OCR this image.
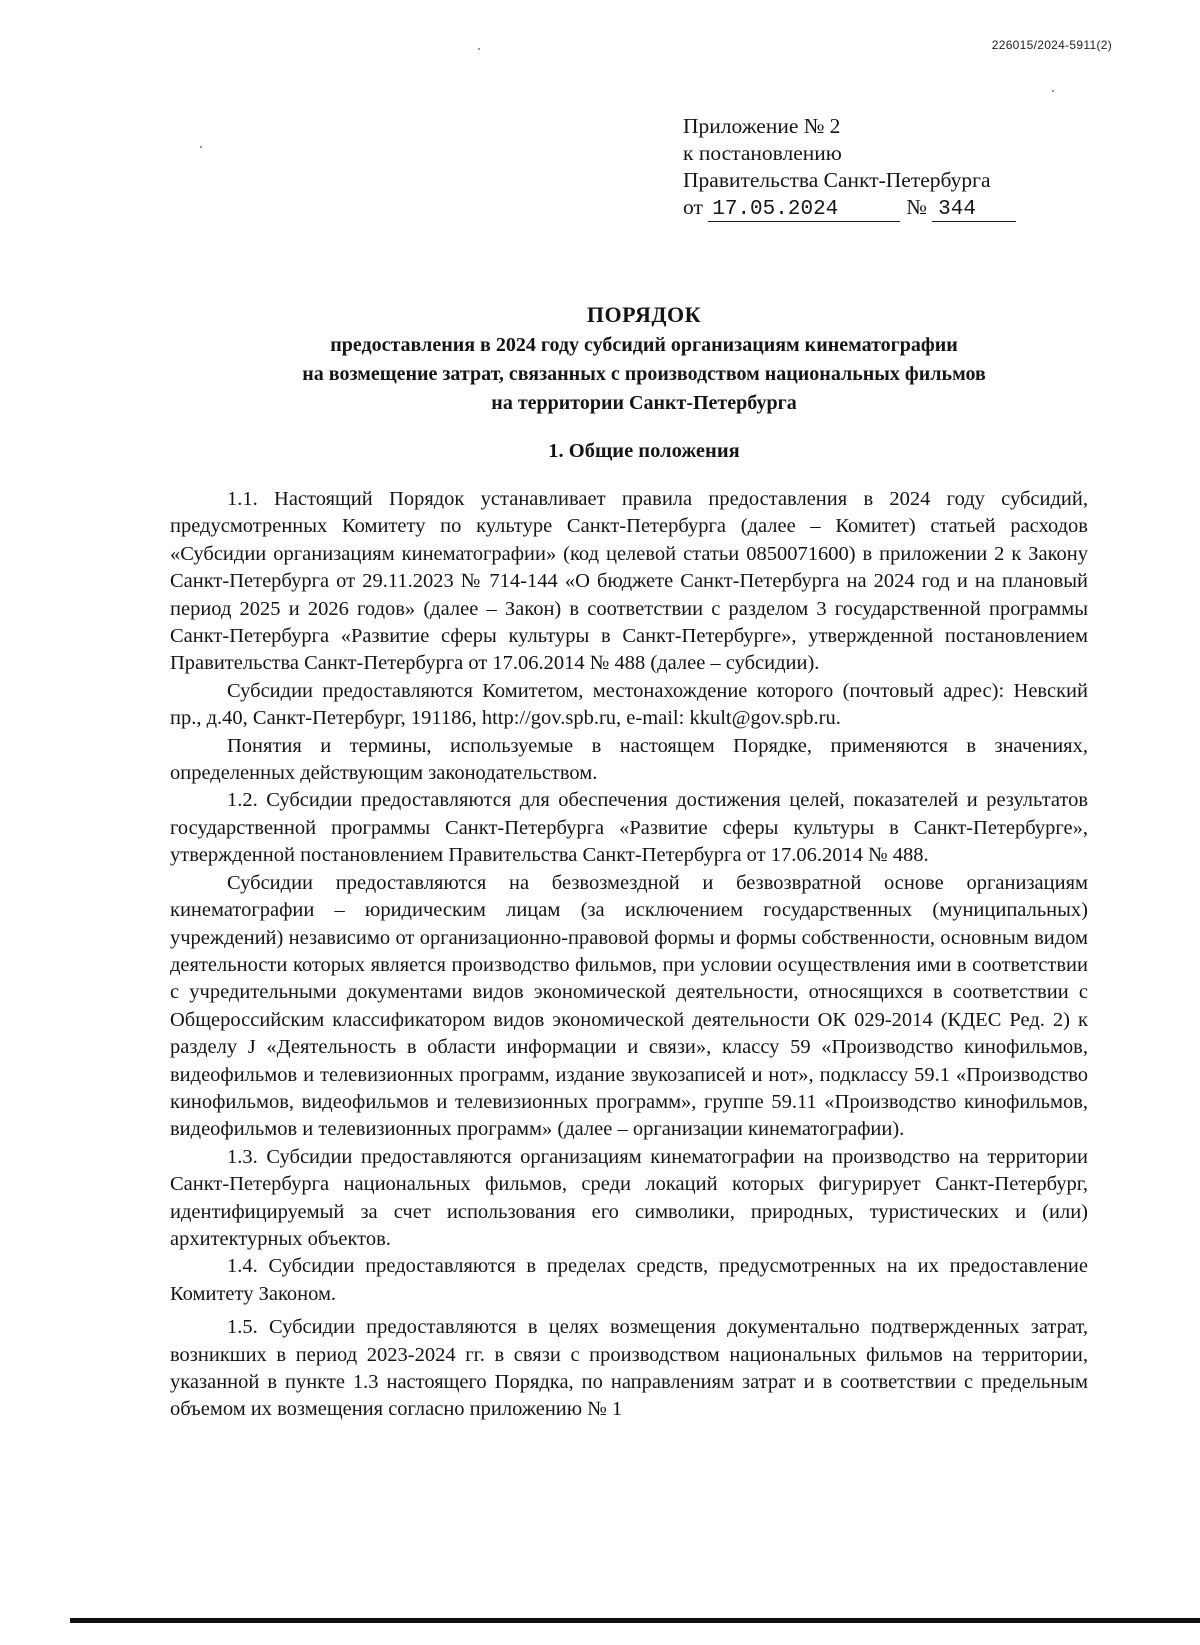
226015/2024-5911(2)
Приложение № 2
к постановлению
Правительства Санкт-Петербурга
от 17.05.2024	№ 344
ПОРЯДОК
предоставления в 2024 году субсидий организациям кинематографии
на возмещение затрат, связанных с производством национальных фильмов
на территории Санкт-Петербурга
1. Общие положения

1.1. Настоящий Порядок устанавливает правила предоставления в 2024 году субсидий, предусмотренных Комитету по культуре Санкт-Петербурга (далее – Комитет) статьей расходов «Субсидии организациям кинематографии» (код целевой статьи 0850071600) в приложении 2 к Закону Санкт-Петербурга от 29.11.2023 № 714-144 «О бюджете Санкт-Петербурга на 2024 год и на плановый период 2025 и 2026 годов» (далее – Закон) в соответствии с разделом 3 государственной программы Санкт-Петербурга «Развитие сферы культуры в Санкт-Петербурге», утвержденной постановлением Правительства Санкт-Петербурга от 17.06.2014 № 488 (далее – субсидии).

Субсидии предоставляются Комитетом, местонахождение которого (почтовый адрес): Невский пр., д.40, Санкт-Петербург, 191186, http://gov.spb.ru, e-mail: kkult@gov.spb.ru.

Понятия и термины, используемые в настоящем Порядке, применяются в значениях, определенных действующим законодательством.

1.2. Субсидии предоставляются для обеспечения достижения целей, показателей и результатов государственной программы Санкт-Петербурга «Развитие сферы культуры в Санкт-Петербурге», утвержденной постановлением Правительства Санкт-Петербурга от 17.06.2014 № 488.

Субсидии предоставляются на безвозмездной и безвозвратной основе организациям кинематографии – юридическим лицам (за исключением государственных (муниципальных) учреждений) независимо от организационно-правовой формы и формы собственности, основным видом деятельности которых является производство фильмов, при условии осуществления ими в соответствии с учредительными документами видов экономической деятельности, относящихся в соответствии с Общероссийским классификатором видов экономической деятельности ОК 029-2014 (КДЕС Ред. 2) к разделу J «Деятельность в области информации и связи», классу 59 «Производство кинофильмов, видеофильмов и телевизионных программ, издание звукозаписей и нот», подклассу 59.1 «Производство кинофильмов, видеофильмов и телевизионных программ», группе 59.11 «Производство кинофильмов, видеофильмов и телевизионных программ» (далее – организации кинематографии).

1.3. Субсидии предоставляются организациям кинематографии на производство на территории Санкт-Петербурга национальных фильмов, среди локаций которых фигурирует Санкт-Петербург, идентифицируемый за счет использования его символики, природных, туристических и (или) архитектурных объектов.

1.4. Субсидии предоставляются в пределах средств, предусмотренных на их предоставление Комитету Законом.

1.5. Субсидии предоставляются в целях возмещения документально подтвержденных затрат, возникших в период 2023-2024 гг. в связи с производством национальных фильмов на территории, указанной в пункте 1.3 настоящего Порядка, по направлениям затрат и в соответствии с предельным объемом их возмещения согласно приложению № 1
